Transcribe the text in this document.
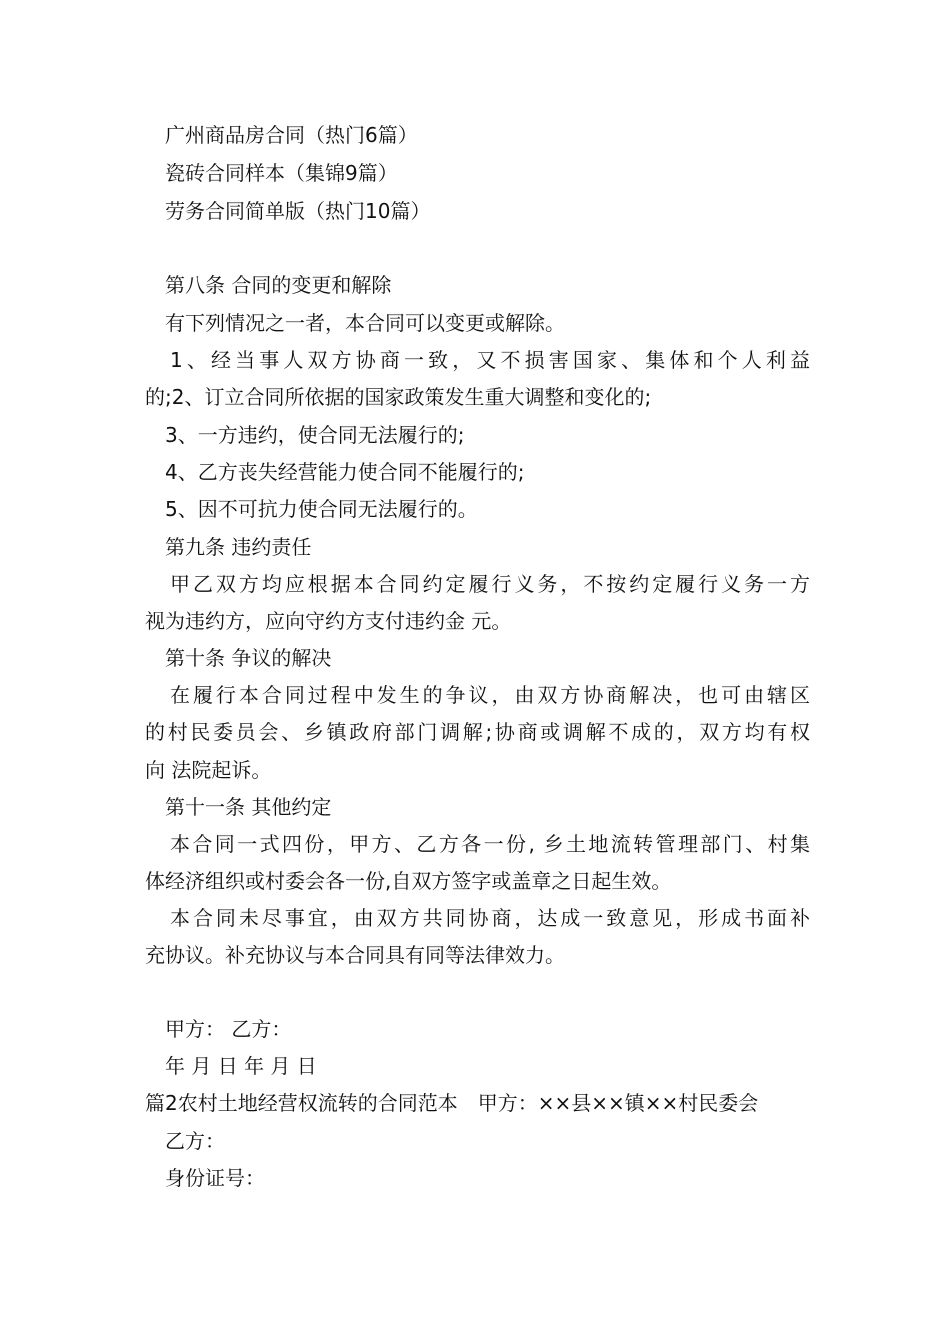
广州商品房合同（热门6篇）
瓷砖合同样本（集锦9篇）
劳务合同简单版（热门10篇）
第八条 合同的变更和解除
有下列情况之一者，本合同可以变更或解除。
1、经当事人双方协商一致，又不损害国家、集体和个人利益
的;2、订立合同所依据的国家政策发生重大调整和变化的;
3、一方违约，使合同无法履行的;
4、乙方丧失经营能力使合同不能履行的;
5、因不可抗力使合同无法履行的。
第九条 违约责任
甲乙双方均应根据本合同约定履行义务，不按约定履行义务一方
视为违约方，应向守约方支付违约金 元。
第十条 争议的解决
在履行本合同过程中发生的争议，由双方协商解决，也可由辖区
的村民委员会、乡镇政府部门调解;协商或调解不成的，双方均有权
向 法院起诉。
第十一条 其他约定
本合同一式四份，甲方、乙方各一份, 乡土地流转管理部门、村集
体经济组织或村委会各一份,自双方签字或盖章之日起生效。
本合同未尽事宜，由双方共同协商，达成一致意见，形成书面补
充协议。补充协议与本合同具有同等法律效力。
甲方： 乙方：
年 月 日 年 月 日
篇2农村土地经营权流转的合同范本　甲方：××县××镇××村民委会
乙方：
身份证号：
